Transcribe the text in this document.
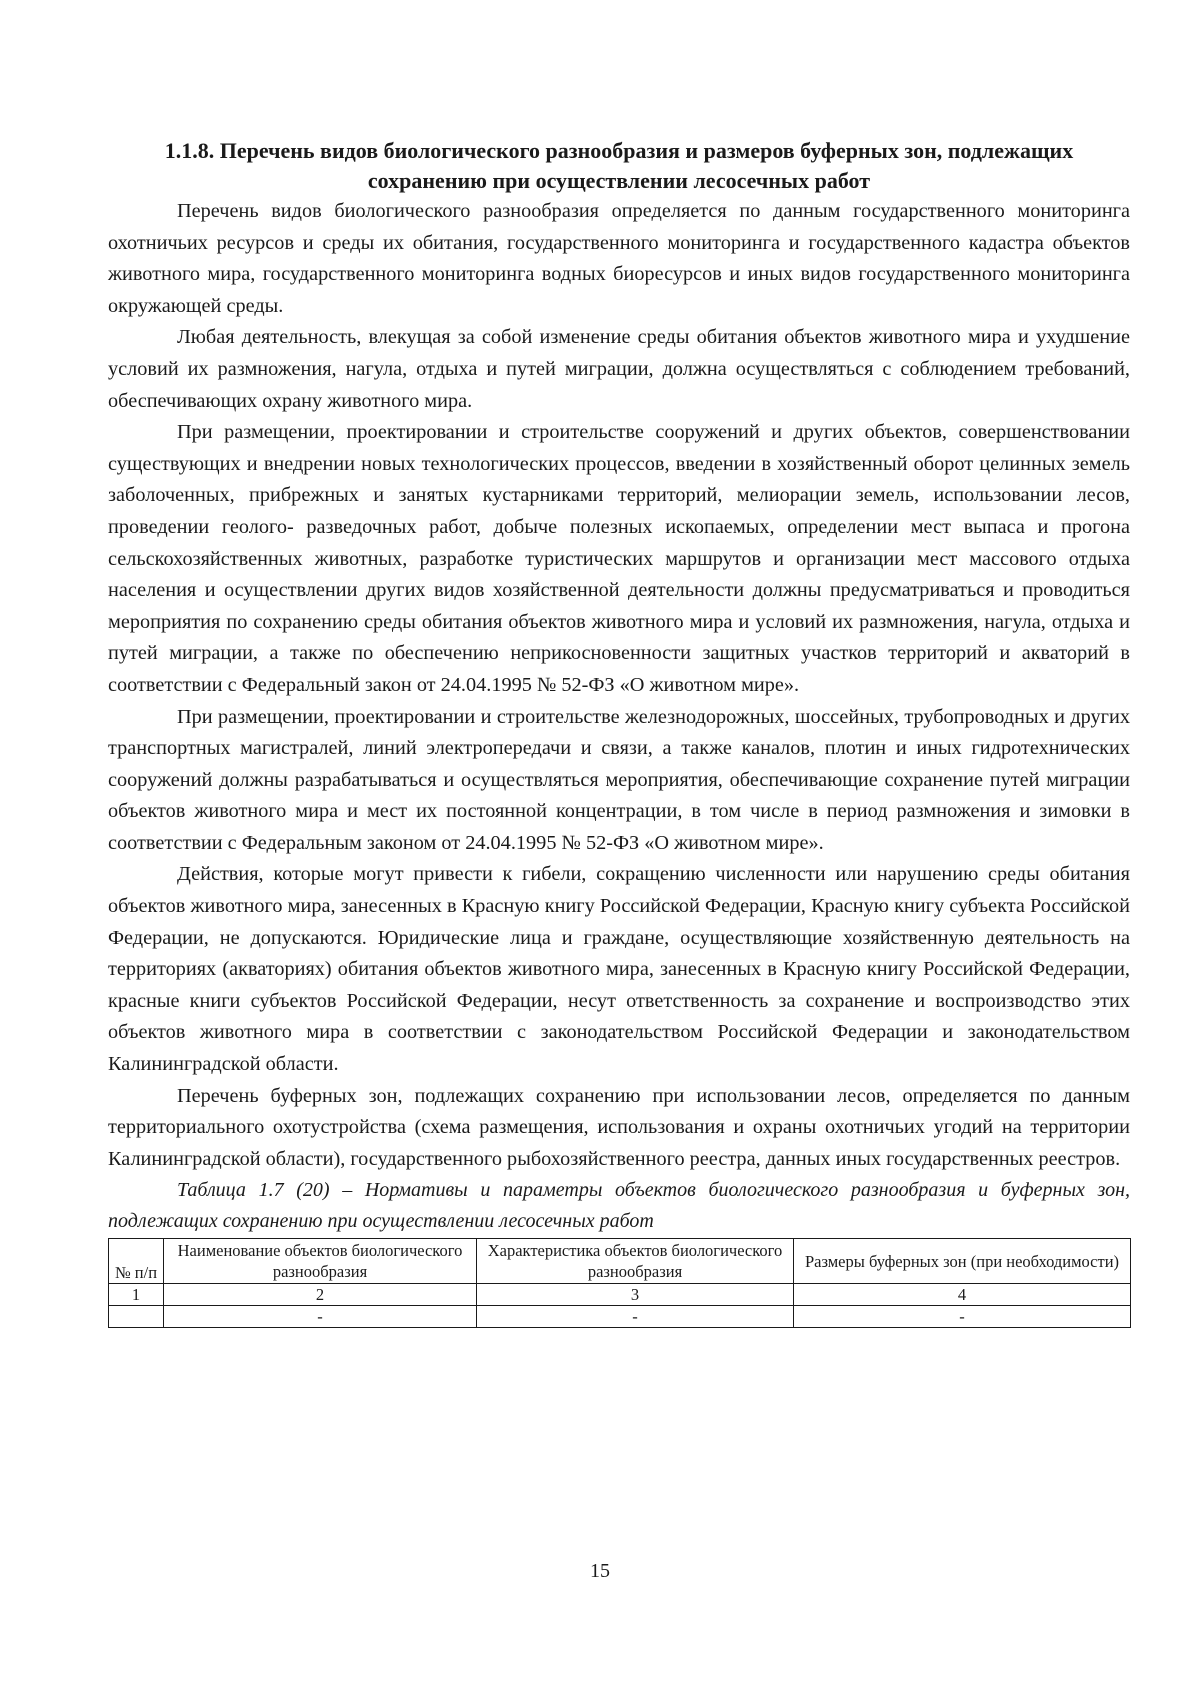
1.1.8. Перечень видов биологического разнообразия и размеров буферных зон, подлежащих
сохранению при осуществлении лесосечных работ

Перечень видов биологического разнообразия определяется по данным государственного мониторинга охотничьих ресурсов и среды их обитания, государственного мониторинга и государственного кадастра объектов животного мира, государственного мониторинга водных биоресурсов и иных видов государственного мониторинга окружающей среды.

Любая деятельность, влекущая за собой изменение среды обитания объектов животного мира и ухудшение условий их размножения, нагула, отдыха и путей миграции, должна осуществляться с соблюдением требований, обеспечивающих охрану животного мира.

При размещении, проектировании и строительстве сооружений и других объектов, совершенствовании существующих и внедрении новых технологических процессов, введении в хозяйственный оборот целинных земель заболоченных, прибрежных и занятых кустарниками территорий, мелиорации земель, использовании лесов, проведении геолого- разведочных работ, добыче полезных ископаемых, определении мест выпаса и прогона сельскохозяйственных животных, разработке туристических маршрутов и организации мест массового отдыха населения и осуществлении других видов хозяйственной деятельности должны предусматриваться и проводиться мероприятия по сохранению среды обитания объектов животного мира и условий их размножения, нагула, отдыха и путей миграции, а также по обеспечению неприкосновенности защитных участков территорий и акваторий в соответствии с Федеральный закон от 24.04.1995 № 52-ФЗ «О животном мире».

При размещении, проектировании и строительстве железнодорожных, шоссейных, трубопроводных и других транспортных магистралей, линий электропередачи и связи, а также каналов, плотин и иных гидротехнических сооружений должны разрабатываться и осуществляться мероприятия, обеспечивающие сохранение путей миграции объектов животного мира и мест их постоянной концентрации, в том числе в период размножения и зимовки в соответствии с Федеральным законом от 24.04.1995 № 52-ФЗ «О животном мире».

Действия, которые могут привести к гибели, сокращению численности или нарушению среды обитания объектов животного мира, занесенных в Красную книгу Российской Федерации, Красную книгу субъекта Российской Федерации, не допускаются. Юридические лица и граждане, осуществляющие хозяйственную деятельность на территориях (акваториях) обитания объектов животного мира, занесенных в Красную книгу Российской Федерации, красные книги субъектов Российской Федерации, несут ответственность за сохранение и воспроизводство этих объектов животного мира в соответствии с законодательством Российской Федерации и законодательством Калининградской области.

Перечень буферных зон, подлежащих сохранению при использовании лесов, определяется по данным территориального охотустройства (схема размещения, использования и охраны охотничьих угодий на территории Калининградской области), государственного рыбохозяйственного реестра, данных иных государственных реестров.

Таблица 1.7 (20) – Нормативы и параметры объектов биологического разнообразия и буферных зон, подлежащих сохранению при осуществлении лесосечных работ

№ п/п	Наименование объектов биологического разнообразия	Характеристика объектов биологического разнообразия	Размеры буферных зон (при необходимости)
1	2	3	4
	-	-	-
15
